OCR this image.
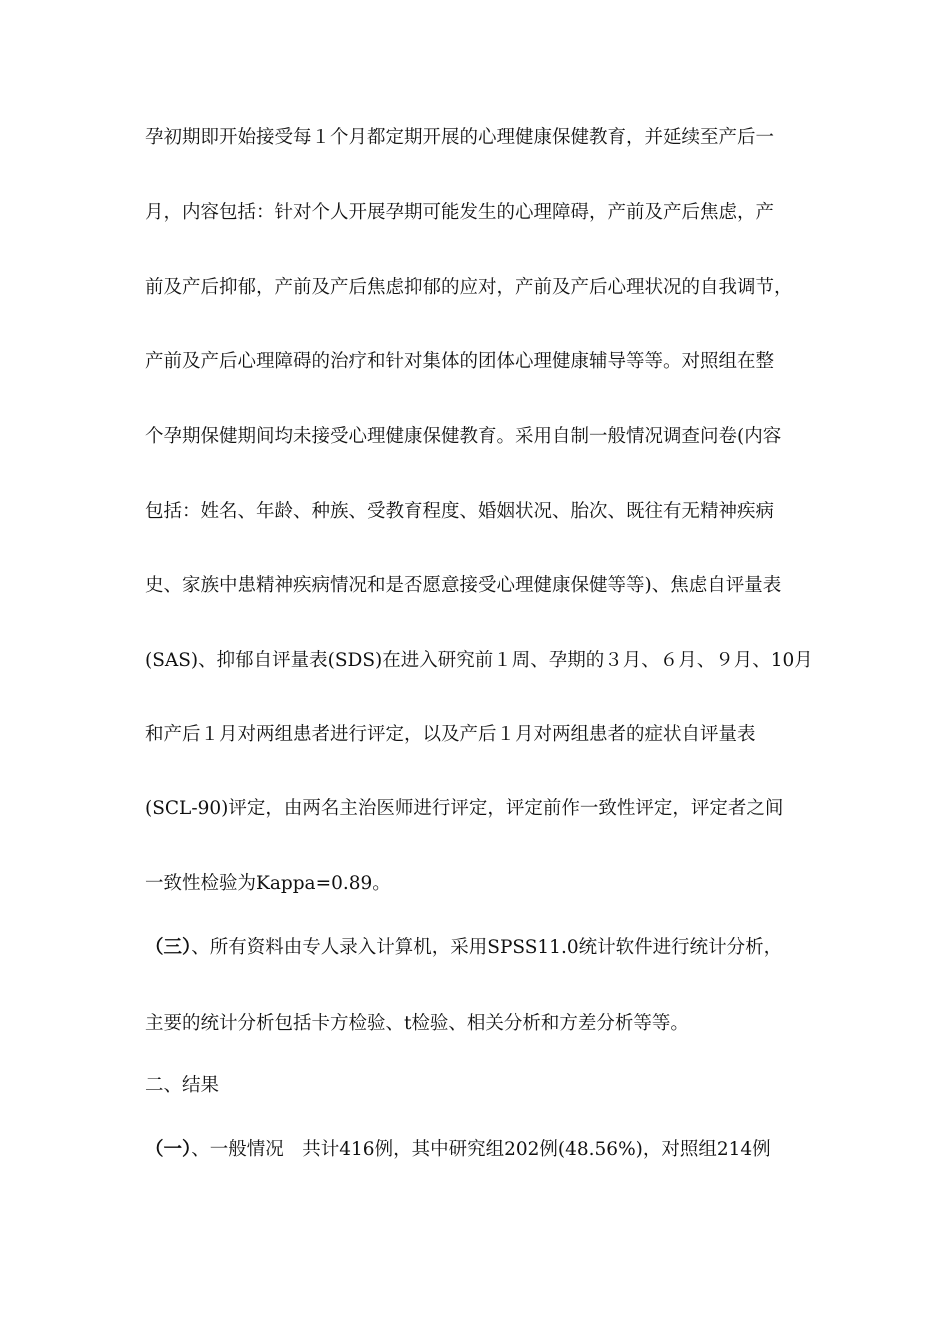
孕初期即开始接受每１个月都定期开展的心理健康保健教育，并延续至产后一
月，内容包括：针对个人开展孕期可能发生的心理障碍，产前及产后焦虑，产
前及产后抑郁，产前及产后焦虑抑郁的应对，产前及产后心理状况的自我调节，
产前及产后心理障碍的治疗和针对集体的团体心理健康辅导等等。对照组在整
个孕期保健期间均未接受心理健康保健教育。采用自制一般情况调查问卷(内容
包括：姓名、年龄、种族、受教育程度、婚姻状况、胎次、既往有无精神疾病
史、家族中患精神疾病情况和是否愿意接受心理健康保健等等)、焦虑自评量表
(SAS)、抑郁自评量表(SDS)在进入研究前１周、孕期的３月、６月、９月、10月
和产后１月对两组患者进行评定，以及产后１月对两组患者的症状自评量表
(SCL-90)评定，由两名主治医师进行评定，评定前作一致性评定，评定者之间
一致性检验为Kappa=0.89。
（三）、所有资料由专人录入计算机，采用SPSS11.0统计软件进行统计分析，
主要的统计分析包括卡方检验、t检验、相关分析和方差分析等等。
二、结果
（一）、一般情况　共计416例，其中研究组202例(48.56%)，对照组214例
